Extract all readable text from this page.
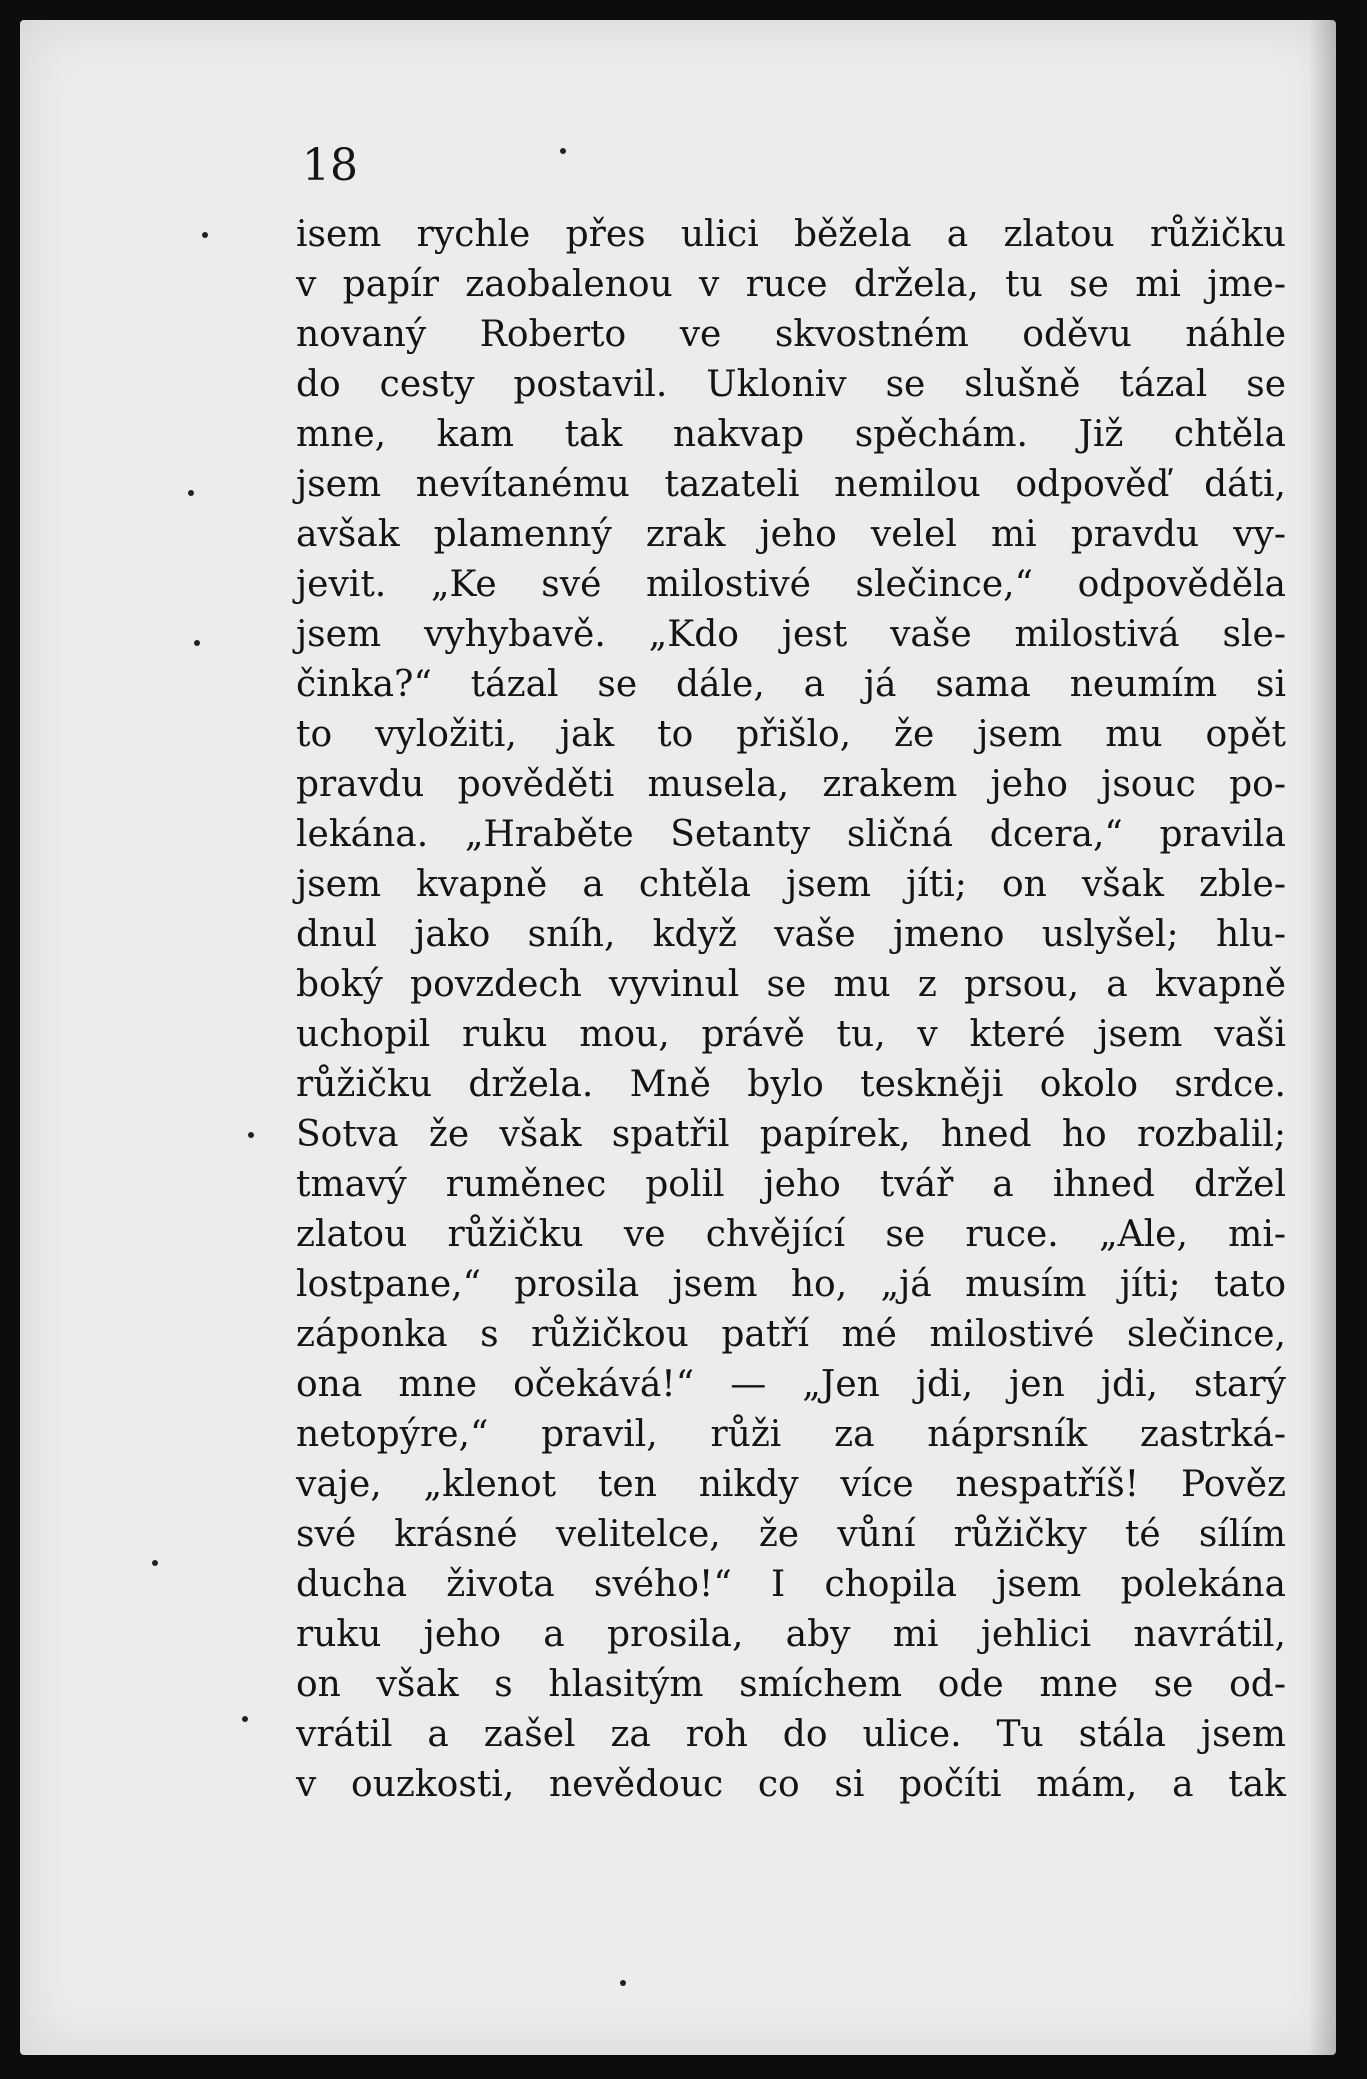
18

isem rychle přes ulici běžela a zlatou růžičku
v papír zaobalenou v ruce držela, tu se mi jme-
novaný Roberto ve skvostném oděvu náhle
do cesty postavil. Ukloniv se slušně tázal se
mne, kam tak nakvap spěchám. Již chtěla
jsem nevítanému tazateli nemilou odpověď dáti,
avšak plamenný zrak jeho velel mi pravdu vy-
jevit. „Ke své milostivé slečince,“ odpověděla
jsem vyhybavě. „Kdo jest vaše milostivá sle-
činka?“ tázal se dále, a já sama neumím si
to vyložiti, jak to přišlo, že jsem mu opět
pravdu pověděti musela, zrakem jeho jsouc po-
lekána. „Hraběte Setanty sličná dcera,“ pravila
jsem kvapně a chtěla jsem jíti; on však zble-
dnul jako sníh, když vaše jmeno uslyšel; hlu-
boký povzdech vyvinul se mu z prsou, a kvapně
uchopil ruku mou, právě tu, v které jsem vaši
růžičku držela. Mně bylo teskněji okolo srdce.
Sotva že však spatřil papírek, hned ho rozbalil;
tmavý ruměnec polil jeho tvář a ihned držel
zlatou růžičku ve chvějící se ruce. „Ale, mi-
lostpane,“ prosila jsem ho, „já musím jíti; tato
záponka s růžičkou patří mé milostivé slečince,
ona mne očekává!“ — „Jen jdi, jen jdi, starý
netopýre,“ pravil, růži za náprsník zastrká-
vaje, „klenot ten nikdy více nespatříš! Pověz
své krásné velitelce, že vůní růžičky té sílím
ducha života svého!“ I chopila jsem polekána
ruku jeho a prosila, aby mi jehlici navrátil,
on však s hlasitým smíchem ode mne se od-
vrátil a zašel za roh do ulice. Tu stála jsem
v ouzkosti, nevědouc co si počíti mám, a tak
